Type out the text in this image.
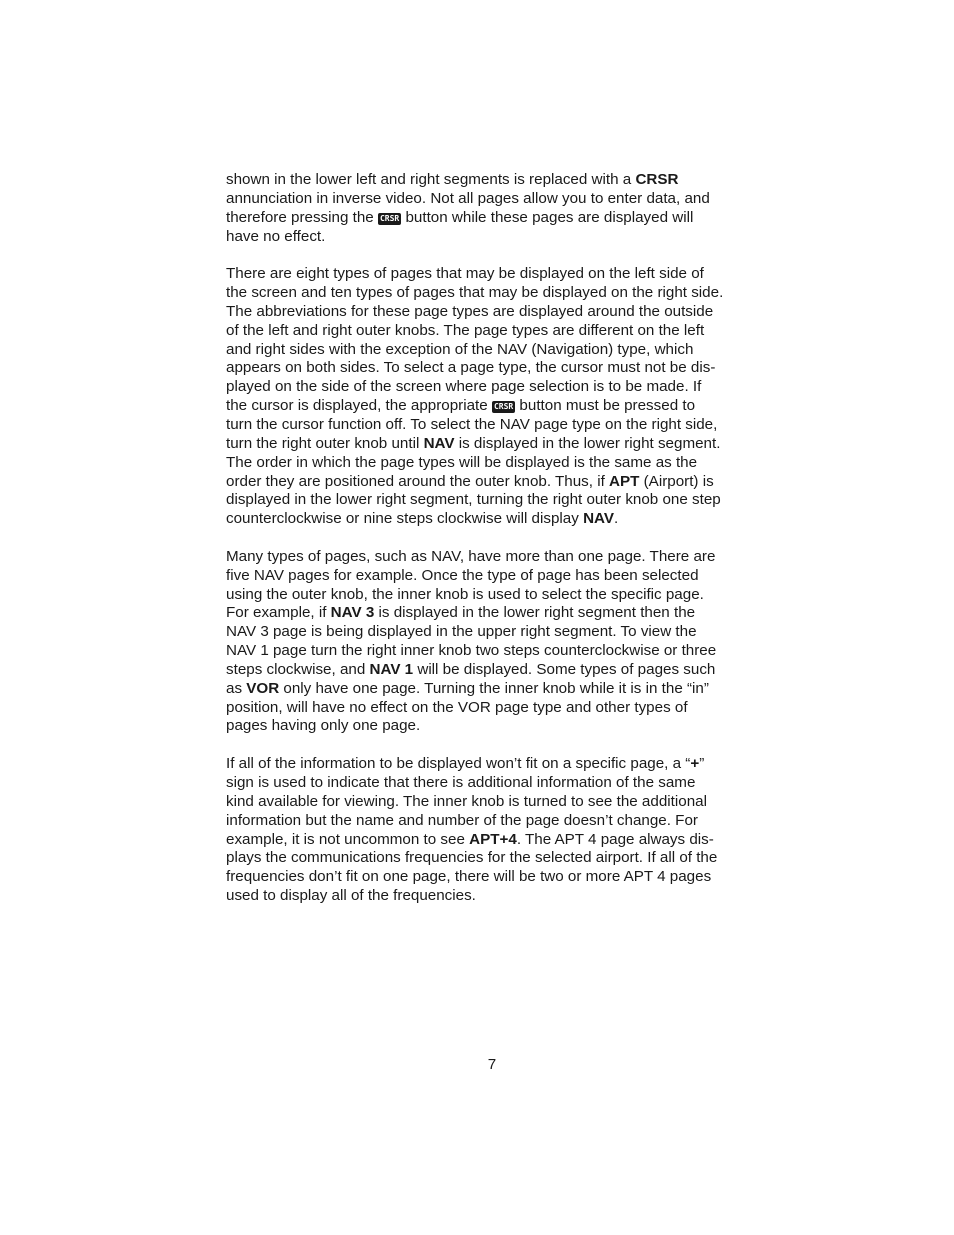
shown in the lower left and right segments is replaced with a CRSR
annunciation in inverse video. Not all pages allow you to enter data, and
therefore pressing the CRSR button while these pages are displayed will
have no effect.
There are eight types of pages that may be displayed on the left side of
the screen and ten types of pages that may be displayed on the right side.
The abbreviations for these page types are displayed around the outside
of the left and right outer knobs. The page types are different on the left
and right sides with the exception of the NAV (Navigation) type, which
appears on both sides. To select a page type, the cursor must not be dis-
played on the side of the screen where page selection is to be made. If
the cursor is displayed, the appropriate CRSR button must be pressed to
turn the cursor function off. To select the NAV page type on the right side,
turn the right outer knob until NAV is displayed in the lower right segment.
The order in which the page types will be displayed is the same as the
order they are positioned around the outer knob. Thus, if APT (Airport) is
displayed in the lower right segment, turning the right outer knob one step
counterclockwise or nine steps clockwise will display NAV.
Many types of pages, such as NAV, have more than one page. There are
five NAV pages for example. Once the type of page has been selected
using the outer knob, the inner knob is used to select the specific page.
For example, if NAV 3 is displayed in the lower right segment then the
NAV 3 page is being displayed in the upper right segment. To view the
NAV 1 page turn the right inner knob two steps counterclockwise or three
steps clockwise, and NAV 1 will be displayed. Some types of pages such
as VOR only have one page. Turning the inner knob while it is in the “in”
position, will have no effect on the VOR page type and other types of
pages having only one page.
If all of the information to be displayed won’t fit on a specific page, a “+”
sign is used to indicate that there is additional information of the same
kind available for viewing. The inner knob is turned to see the additional
information but the name and number of the page doesn’t change. For
example, it is not uncommon to see APT+4. The APT 4 page always dis-
plays the communications frequencies for the selected airport. If all of the
frequencies don’t fit on one page, there will be two or more APT 4 pages
used to display all of the frequencies.
7
